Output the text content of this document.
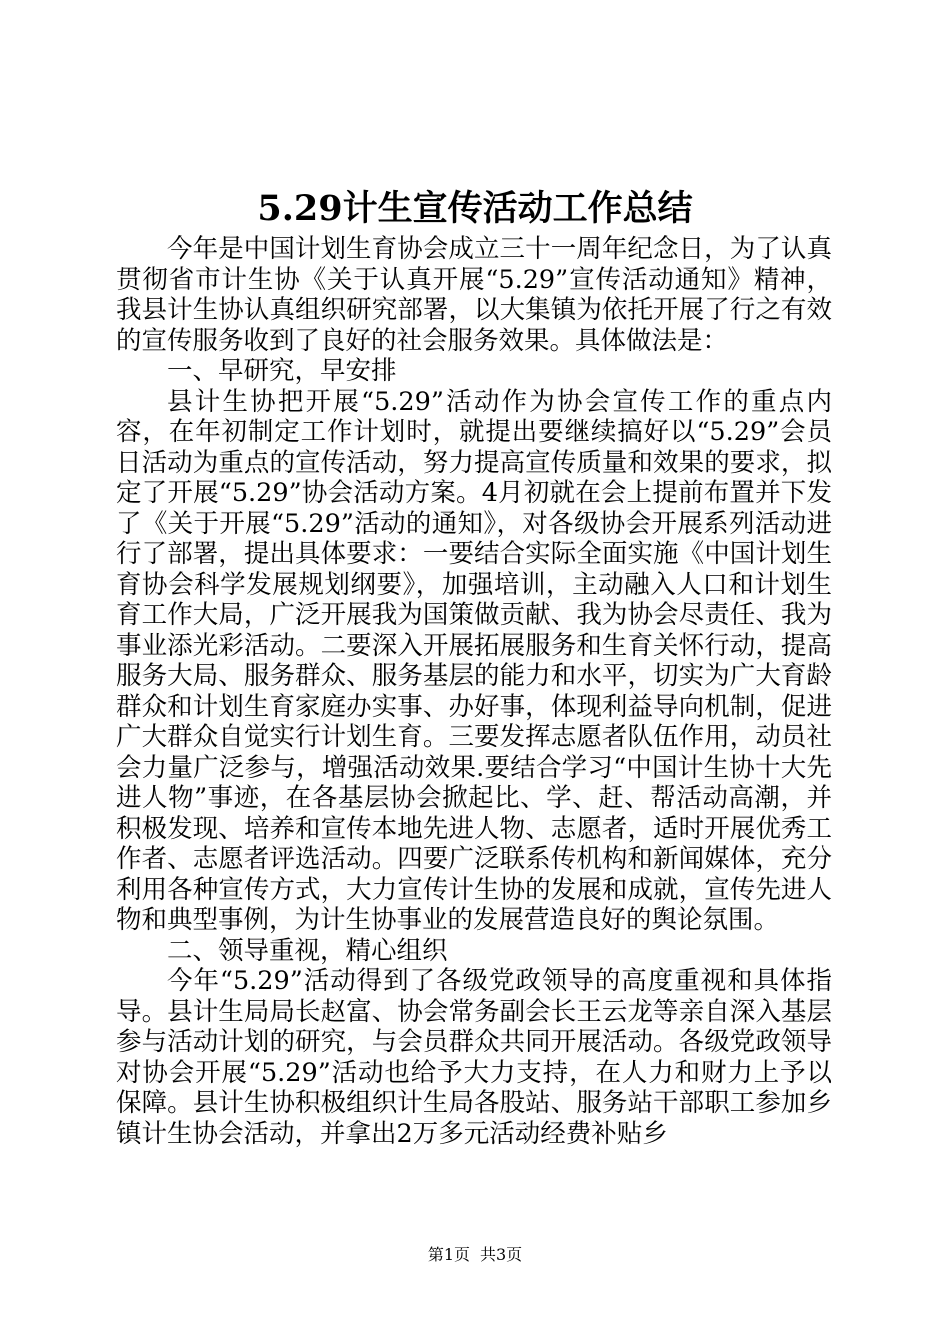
5.29计生宣传活动工作总结

今年是中国计划生育协会成立三十一周年纪念日，为了认真贯彻省市计生协《关于认真开展“5.29”宣传活动通知》精神，我县计生协认真组织研究部署，以大集镇为依托开展了行之有效的宣传服务收到了良好的社会服务效果。具体做法是：

一、早研究，早安排

县计生协把开展“5.29”活动作为协会宣传工作的重点内容，在年初制定工作计划时，就提出要继续搞好以“5.29”会员日活动为重点的宣传活动，努力提高宣传质量和效果的要求，拟定了开展“5.29”协会活动方案。4月初就在会上提前布置并下发了《关于开展“5.29”活动的通知》，对各级协会开展系列活动进行了部署，提出具体要求：一要结合实际全面实施《中国计划生育协会科学发展规划纲要》，加强培训，主动融入人口和计划生育工作大局，广泛开展我为国策做贡献、我为协会尽责任、我为事业添光彩活动。二要深入开展拓展服务和生育关怀行动，提高服务大局、服务群众、服务基层的能力和水平，切实为广大育龄群众和计划生育家庭办实事、办好事，体现利益导向机制，促进广大群众自觉实行计划生育。三要发挥志愿者队伍作用，动员社会力量广泛参与，增强活动效果.要结合学习“中国计生协十大先进人物”事迹，在各基层协会掀起比、学、赶、帮活动高潮，并积极发现、培养和宣传本地先进人物、志愿者，适时开展优秀工作者、志愿者评选活动。四要广泛联系传机构和新闻媒体，充分利用各种宣传方式，大力宣传计生协的发展和成就，宣传先进人物和典型事例，为计生协事业的发展营造良好的舆论氛围。

二、领导重视，精心组织

今年“5.29”活动得到了各级党政领导的高度重视和具体指导。县计生局局长赵富、协会常务副会长王云龙等亲自深入基层参与活动计划的研究，与会员群众共同开展活动。各级党政领导对协会开展“5.29”活动也给予大力支持，在人力和财力上予以保障。县计生协积极组织计生局各股站、服务站干部职工参加乡镇计生协会活动，并拿出2万多元活动经费补贴乡

第1页 共3页
